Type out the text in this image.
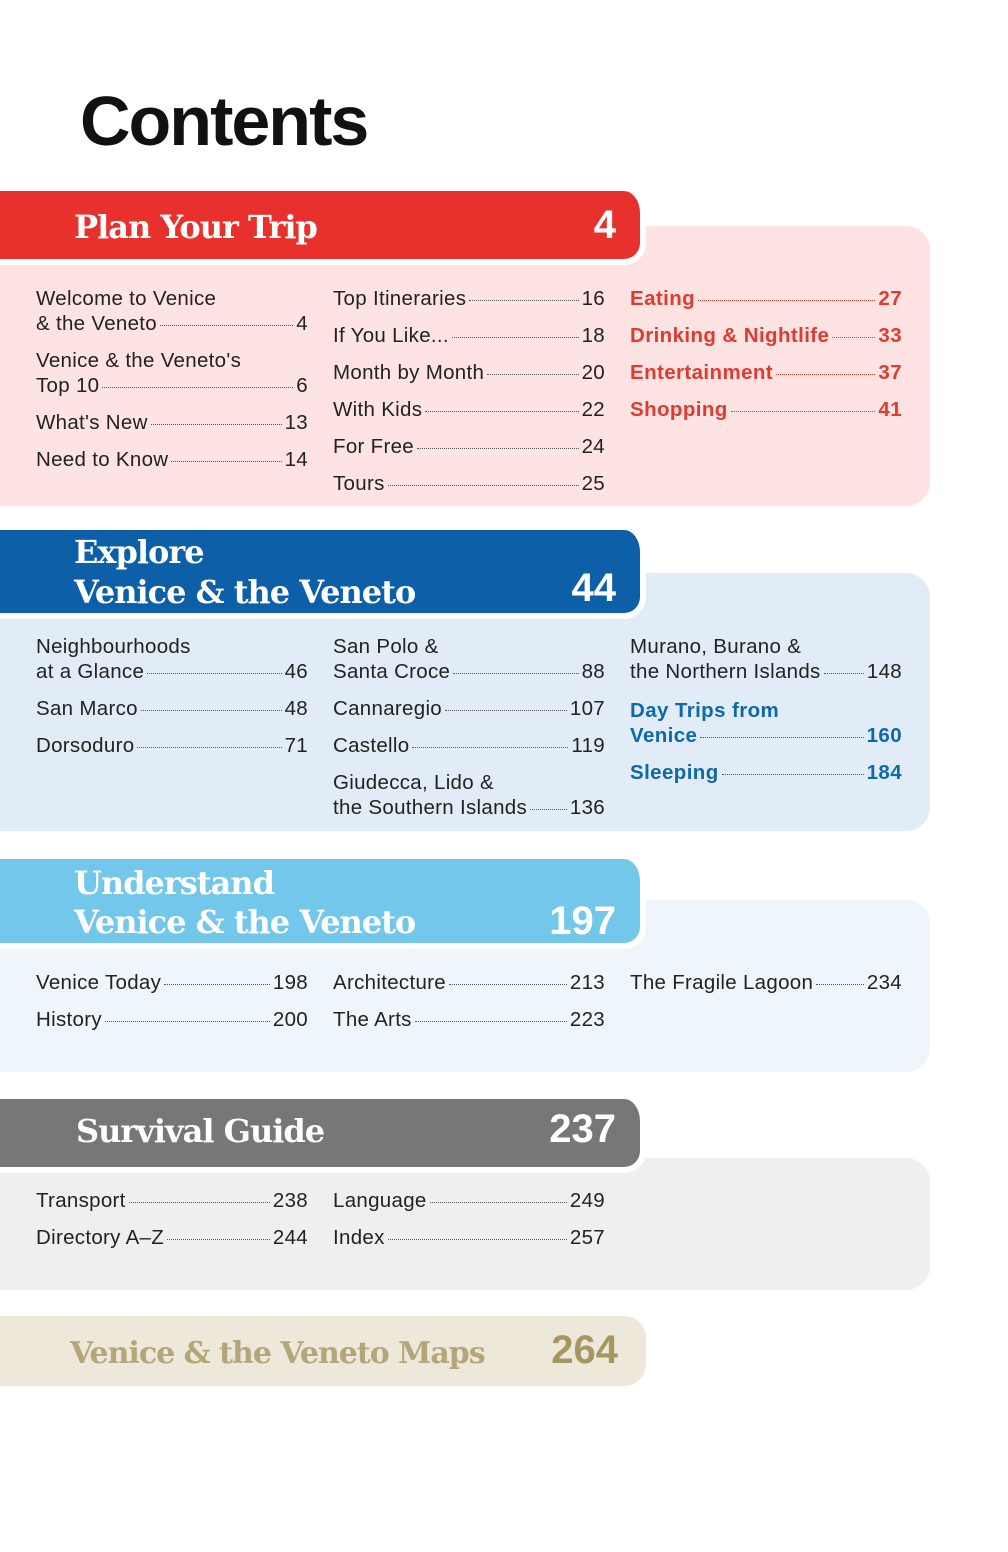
Contents
Plan Your Trip	4
Welcome to Venice
& the Veneto	4
Venice & the Veneto's
Top 10	6
What's New	13
Need to Know	14
Top Itineraries	16
If You Like...	18
Month by Month	20
With Kids	22
For Free	24
Tours	25
Eating	27
Drinking & Nightlife 33
Entertainment	37
Shopping	41
Explore
Venice & the Veneto	44
Neighbourhoods
at a Glance	46
San Marco	48
Dorsoduro	71
San Polo &
Santa Croce	88
Cannaregio	107
Castello	119
Giudecca, Lido &
the Southern Islands 136
Murano, Burano &
the Northern Islands 148
Day Trips from
Venice	160
Sleeping	184
Understand
Venice & the Veneto	197
Venice Today	198
History	200
Architecture	213
The Arts	223
The Fragile Lagoon	234
Survival Guide	237
Transport	238
Directory A–Z	244
Language	249
Index	257
Venice & the Veneto Maps 264
